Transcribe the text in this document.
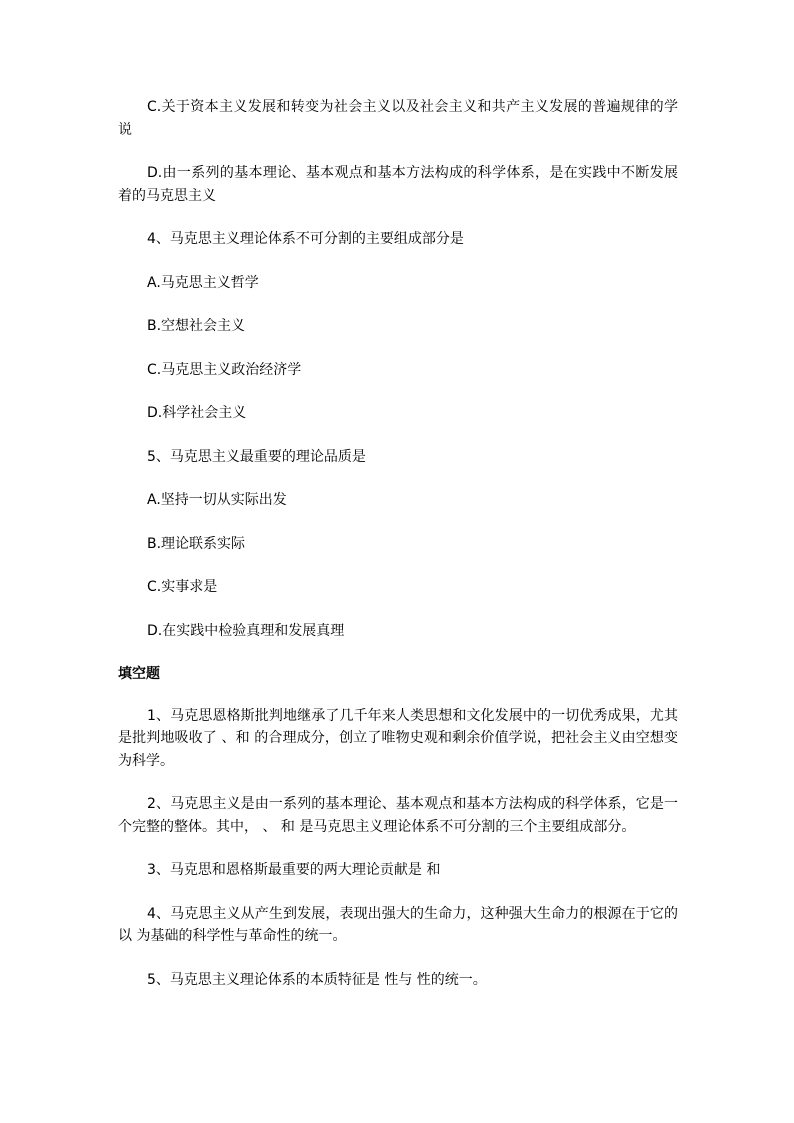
C.关于资本主义发展和转变为社会主义以及社会主义和共产主义发展的普遍规律的学说

D.由一系列的基本理论、基本观点和基本方法构成的科学体系，是在实践中不断发展着的马克思主义

4、马克思主义理论体系不可分割的主要组成部分是

A.马克思主义哲学

B.空想社会主义

C.马克思主义政治经济学

D.科学社会主义

5、马克思主义最重要的理论品质是

A.坚持一切从实际出发

B.理论联系实际

C.实事求是

D.在实践中检验真理和发展真理

填空题

1、马克思恩格斯批判地继承了几千年来人类思想和文化发展中的一切优秀成果，尤其是批判地吸收了 、和 的合理成分，创立了唯物史观和剩余价值学说，把社会主义由空想变为科学。

2、马克思主义是由一系列的基本理论、基本观点和基本方法构成的科学体系，它是一个完整的整体。其中， 、 和 是马克思主义理论体系不可分割的三个主要组成部分。

3、马克思和恩格斯最重要的两大理论贡献是 和

4、马克思主义从产生到发展，表现出强大的生命力，这种强大生命力的根源在于它的以 为基础的科学性与革命性的统一。

5、马克思主义理论体系的本质特征是 性与 性的统一。
